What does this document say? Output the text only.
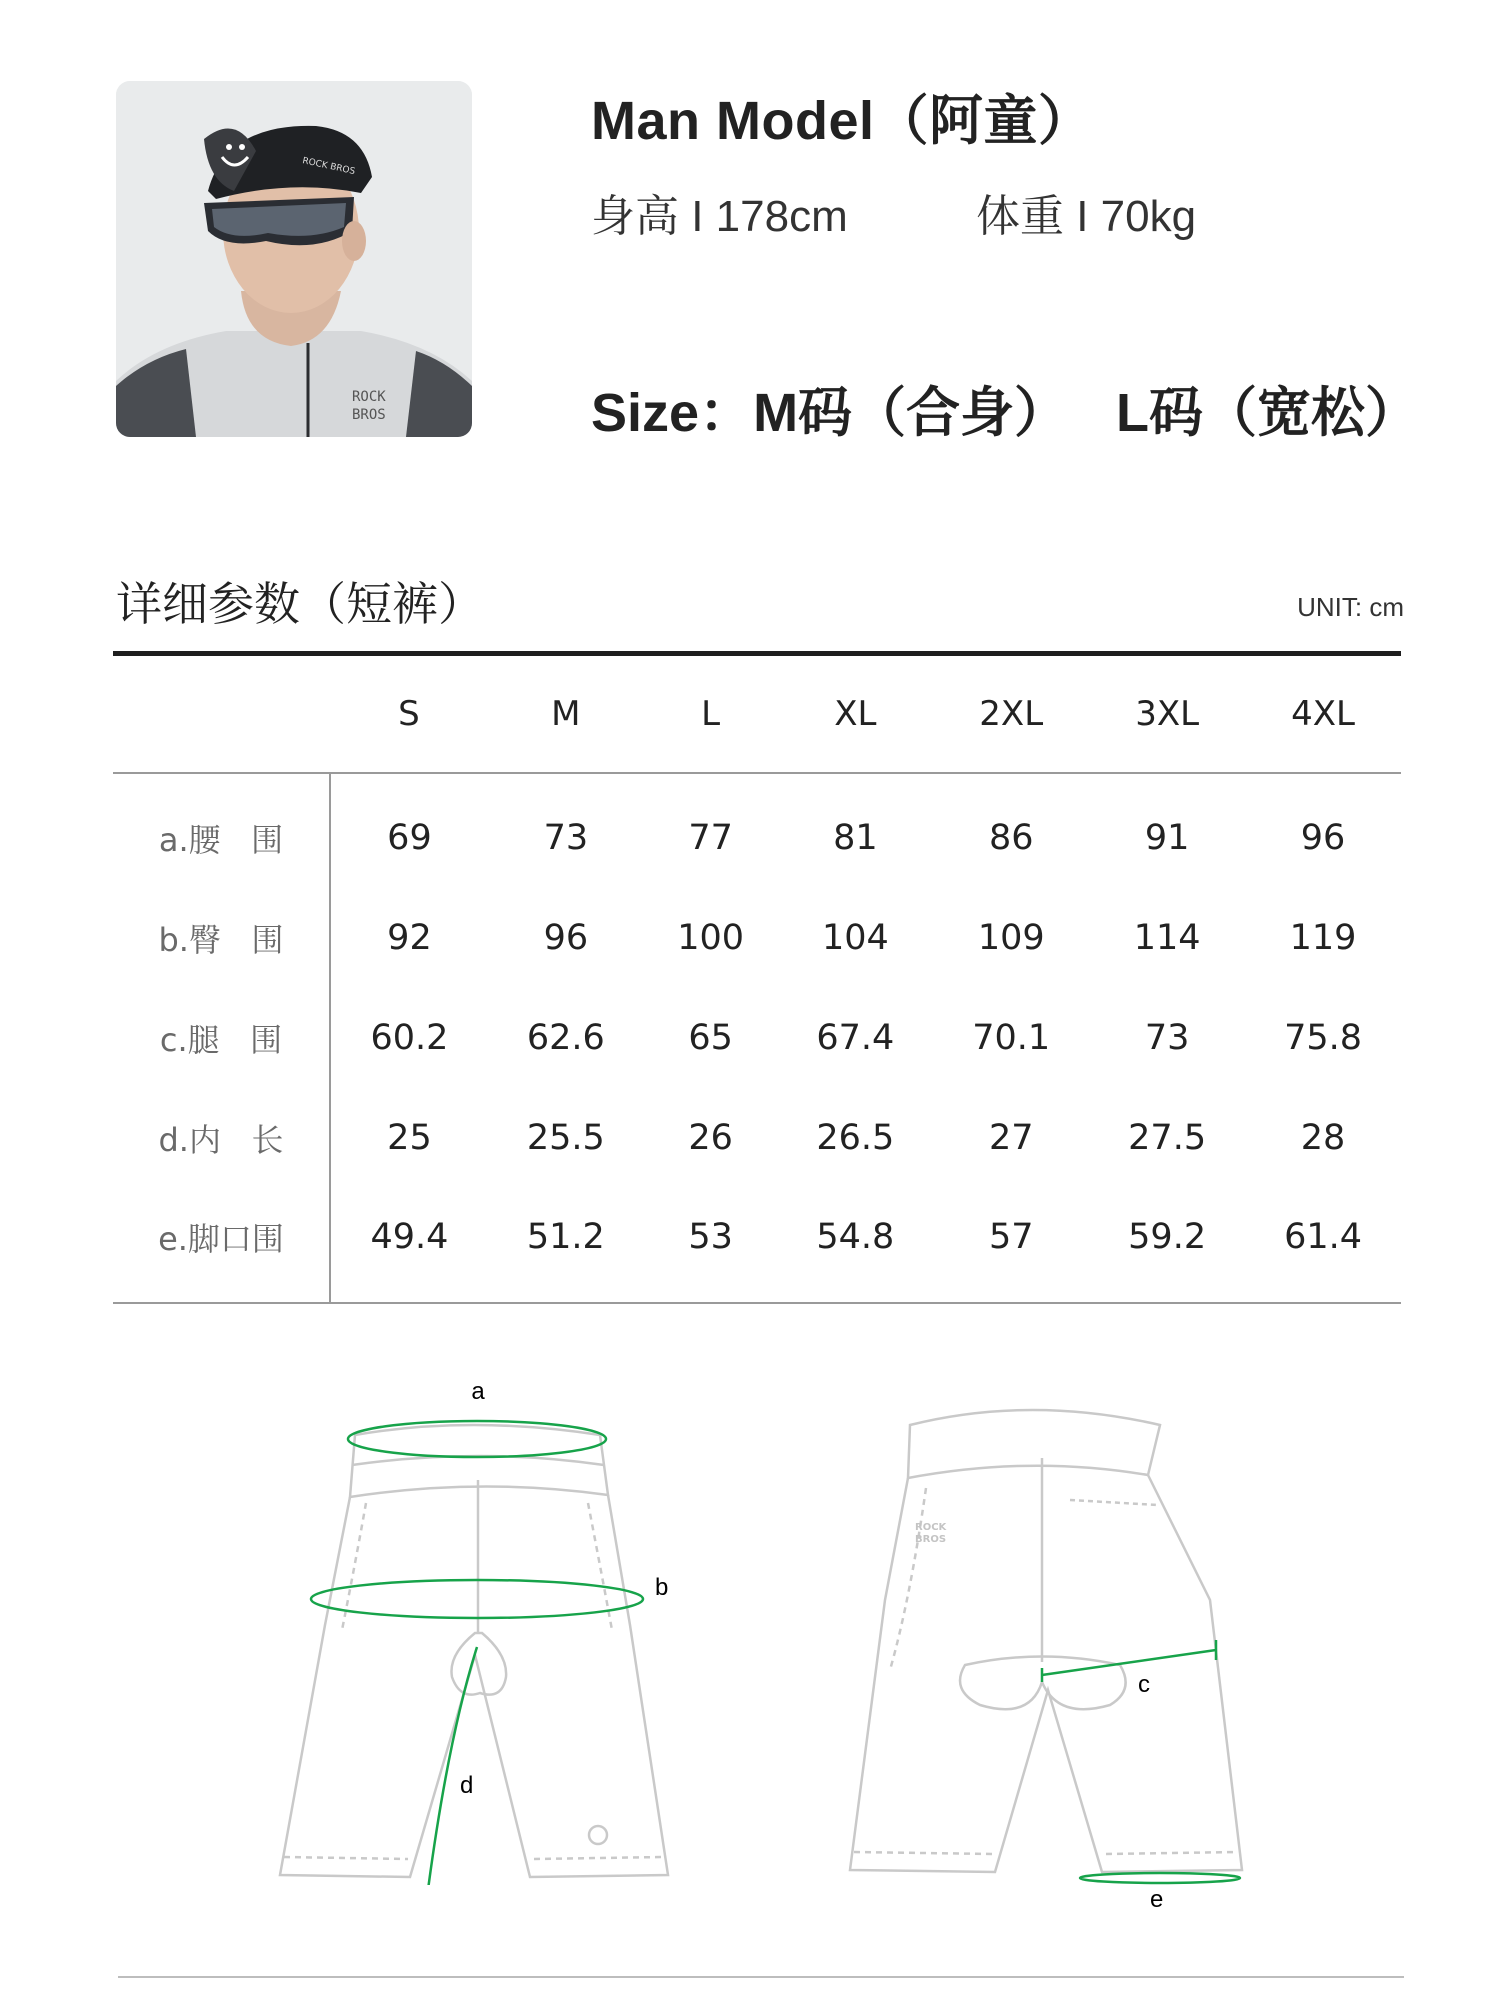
ROCK BROS
ROCK
BROS
Man Model（阿童）
身高 I 178cm	体重 I 70kg
Size：M码（合身） L码（宽松）
详细参数（短裤）	UNIT: cm
	S	M	L	XL	2XL	3XL	4XL
a.腰   围	69	73	77	81	86	91	96
b.臀   围	92	96	100	104	109	114	119
c.腿   围	60.2	62.6	65	67.4	70.1	73	75.8
d.内   长	25	25.5	26	26.5	27	27.5	28
e.脚口围	49.4	51.2	53	54.8	57	59.2	61.4
a
b
d
ROCK
BROS
c
e
